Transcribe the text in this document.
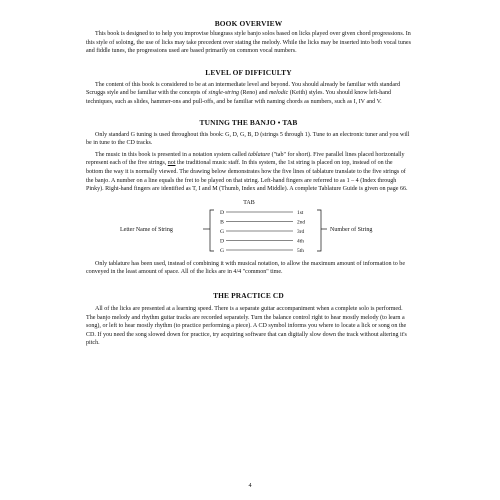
BOOK OVERVIEW

This book is designed to to help you improvise bluegrass style banjo solos based on licks played over given chord progressions. In this style of soloing, the use of licks may take precedent over stating the melody. While the licks may be inserted into both vocal tunes and fiddle tunes, the progressions used are based primarily on common vocal numbers.

LEVEL OF DIFFICULTY

The content of this book is considered to be at an intermediate level and beyond. You should already be familiar with standard Scruggs style and be familiar with the concepts of single-string (Reno) and melodic (Keith) styles. You should know left-hand techniques, such as slides, hammer-ons and pull-offs, and be familiar with naming chords as numbers, such as I, IV and V.

TUNING THE BANJO • TAB

Only standard G tuning is used throughout this book: G, D, G, B, D (strings 5 through 1). Tune to an electronic tuner and you will be in tune to the CD tracks.

The music in this book is presented in a notation system called tablature ("tab" for short). Five parallel lines placed horizontally represent each of the five strings, not the traditional music staff. In this system, the 1st string is placed on top, instead of on the bottom the way it is normally viewed. The drawing below demonstrates how the five lines of tablature translate to the five strings of the banjo. A number on a line equals the fret to be played on that string. Left-hand fingers are referred to as 1 – 4 (Index through Pinky). Right-hand fingers are identified as T, I and M (Thumb, Index and Middle). A complete Tablature Guide is given on page 66.

TAB
Letter Name of String	Number of String
D
B
G
D
G
1st
2nd
3rd
4th
5th

Only tablature has been used, instead of combining it with musical notation, to allow the maximum amount of information to be conveyed in the least amount of space. All of the licks are in 4/4 "common" time.

THE PRACTICE CD

All of the licks are presented at a learning speed. There is a separate guitar accompaniment when a complete solo is performed. The banjo melody and rhythm guitar tracks are recorded separately. Turn the balance control right to hear mostly melody (to learn a song), or left to hear mostly rhythm (to practice performing a piece). A CD symbol informs you where to locate a lick or song on the CD. If you need the song slowed down for practice, try acquiring software that can digitally slow down the track without altering it's pitch.

4
